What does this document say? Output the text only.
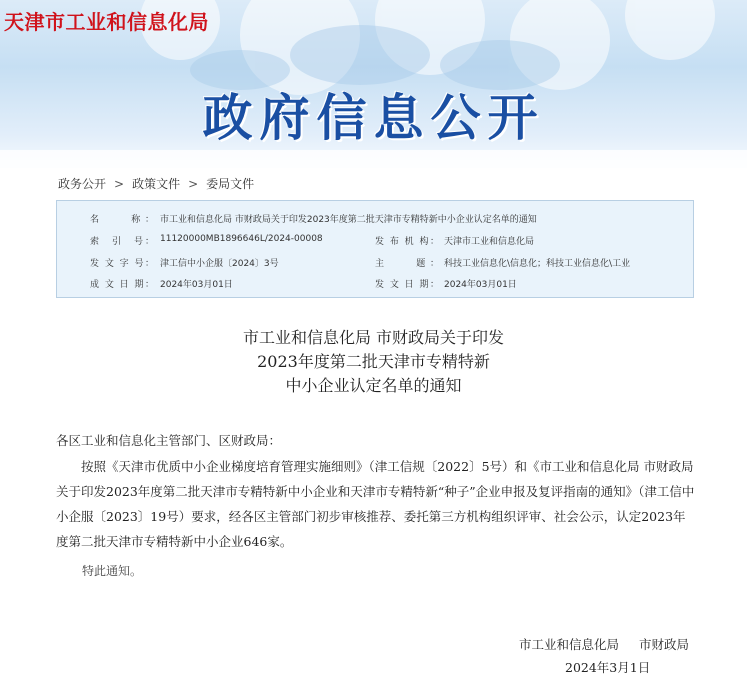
天津市工业和信息化局
政府信息公开
政务公开 > 政策文件 > 委局文件
名　　称： 市工业和信息化局 市财政局关于印发2023年度第二批天津市专精特新中小企业认定名单的通知
索　引　号： 11120000MB1896646L/2024-00008	发 布 机 构： 天津市工业和信息化局
发 文 字 号： 津工信中小企服〔2024〕3号	主　　题： 科技工业信息化\信息化；科技工业信息化\工业
成 文 日 期： 2024年03月01日	发 文 日 期： 2024年03月01日
市工业和信息化局 市财政局关于印发
2023年度第二批天津市专精特新
中小企业认定名单的通知
各区工业和信息化主管部门、区财政局：
按照《天津市优质中小企业梯度培育管理实施细则》（津工信规〔2022〕5号）和《市工业和信息化局 市财政局关于印发2023年度第二批天津市专精特新中小企业和天津市专精特新“种子”企业申报及复评指南的通知》（津工信中小企服〔2023〕19号）要求，经各区主管部门初步审核推荐、委托第三方机构组织评审、社会公示，认定2023年度第二批天津市专精特新中小企业646家。
特此通知。
市工业和信息化局 市财政局
2024年3月1日
